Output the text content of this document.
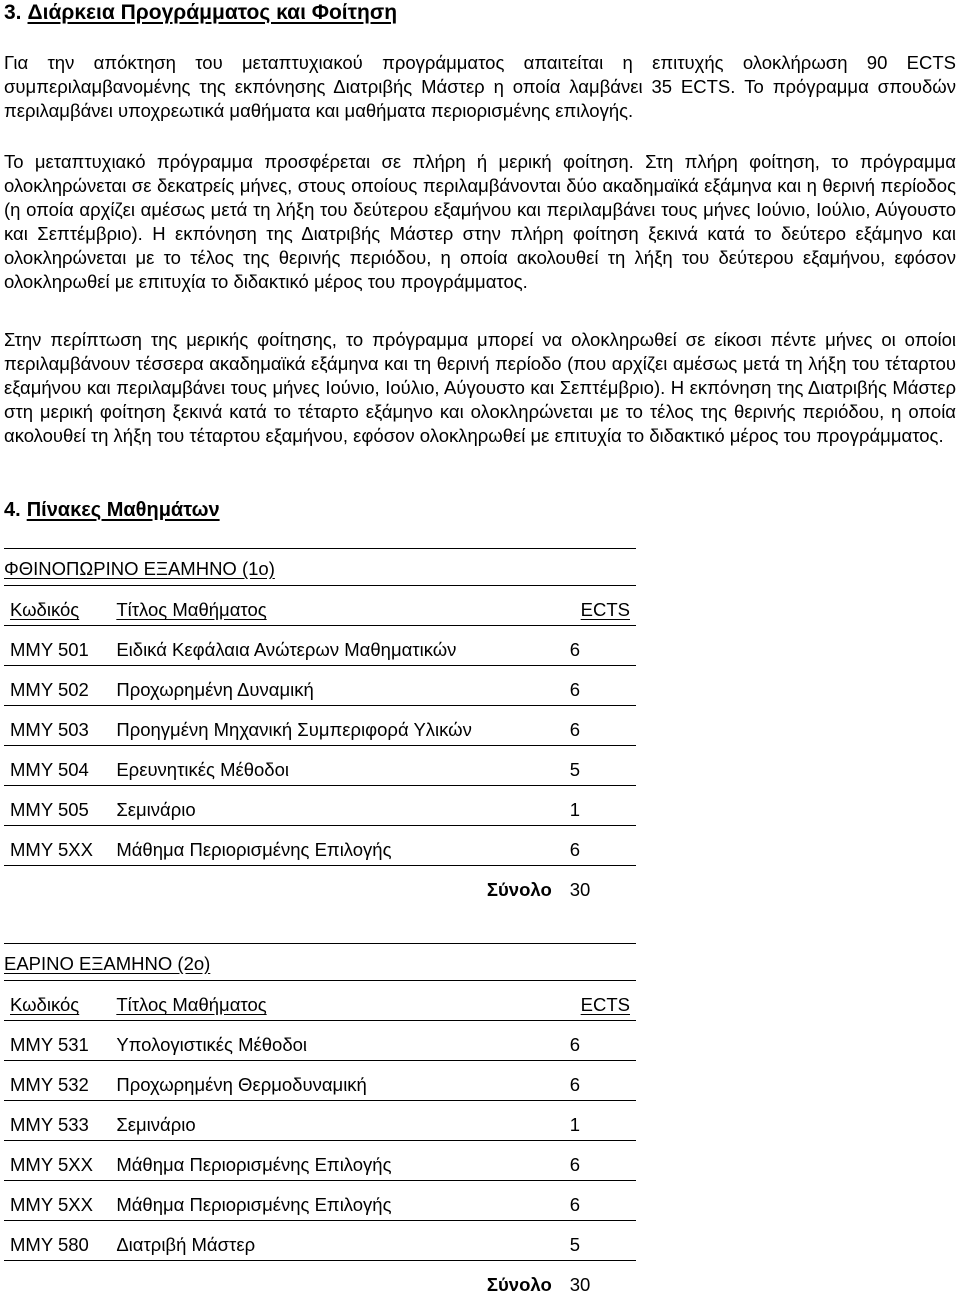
3. Διάρκεια Προγράμματος και Φοίτηση
Για την απόκτηση του μεταπτυχιακού προγράμματος απαιτείται η επιτυχής ολοκλήρωση 90 ECTS συμπεριλαμβανομένης της εκπόνησης Διατριβής Μάστερ η οποία λαμβάνει 35 ECTS. Το πρόγραμμα σπουδών περιλαμβάνει υποχρεωτικά μαθήματα και μαθήματα περιορισμένης επιλογής.
Το μεταπτυχιακό πρόγραμμα προσφέρεται σε πλήρη ή μερική φοίτηση. Στη πλήρη φοίτηση, το πρόγραμμα ολοκληρώνεται σε δεκατρείς μήνες, στους οποίους περιλαμβάνονται δύο ακαδημαϊκά εξάμηνα και η θερινή περίοδος (η οποία αρχίζει αμέσως μετά τη λήξη του δεύτερου εξαμήνου και περιλαμβάνει τους μήνες Ιούνιο, Ιούλιο, Αύγουστο και Σεπτέμβριο). Η εκπόνηση της Διατριβής Μάστερ στην πλήρη φοίτηση ξεκινά κατά το δεύτερο εξάμηνο και ολοκληρώνεται με το τέλος της θερινής περιόδου, η οποία ακολουθεί τη λήξη του δεύτερου εξαμήνου, εφόσον ολοκληρωθεί με επιτυχία το διδακτικό μέρος του προγράμματος.
Στην περίπτωση της μερικής φοίτησης, το πρόγραμμα μπορεί να ολοκληρωθεί σε είκοσι πέντε μήνες οι οποίοι περιλαμβάνουν τέσσερα ακαδημαϊκά εξάμηνα και τη θερινή περίοδο (που αρχίζει αμέσως μετά τη λήξη του τέταρτου εξαμήνου και περιλαμβάνει τους μήνες Ιούνιο, Ιούλιο, Αύγουστο και Σεπτέμβριο). Η εκπόνηση της Διατριβής Μάστερ στη μερική φοίτηση ξεκινά κατά το τέταρτο εξάμηνο και ολοκληρώνεται με το τέλος της θερινής περιόδου, η οποία ακολουθεί τη λήξη του τέταρτου εξαμήνου, εφόσον ολοκληρωθεί με επιτυχία το διδακτικό μέρος του προγράμματος.
4. Πίνακες Μαθημάτων
ΦΘΙΝΟΠΩΡΙΝΟ ΕΞΑΜΗΝΟ (1ο)
Κωδικός	Τίτλος Μαθήματος	ECTS
MMY 501	Ειδικά Κεφάλαια Ανώτερων Μαθηματικών	6
MMY 502	Προχωρημένη Δυναμική	6
MMY 503	Προηγμένη Μηχανική Συμπεριφορά Υλικών	6
MMY 504	Ερευνητικές Μέθοδοι	5
MMY 505	Σεμινάριο	1
MMY 5XX	Μάθημα Περιορισμένης Επιλογής	6
Σύνολο		30
ΕΑΡΙΝΟ ΕΞΑΜΗΝΟ (2ο)
Κωδικός	Τίτλος Μαθήματος	ECTS
MMY 531	Υπολογιστικές Μέθοδοι	6
MMY 532	Προχωρημένη Θερμοδυναμική	6
MMY 533	Σεμινάριο	1
MMY 5XX	Μάθημα Περιορισμένης Επιλογής	6
MMY 5XX	Μάθημα Περιορισμένης Επιλογής	6
MMY 580	Διατριβή Μάστερ	5
Σύνολο		30
